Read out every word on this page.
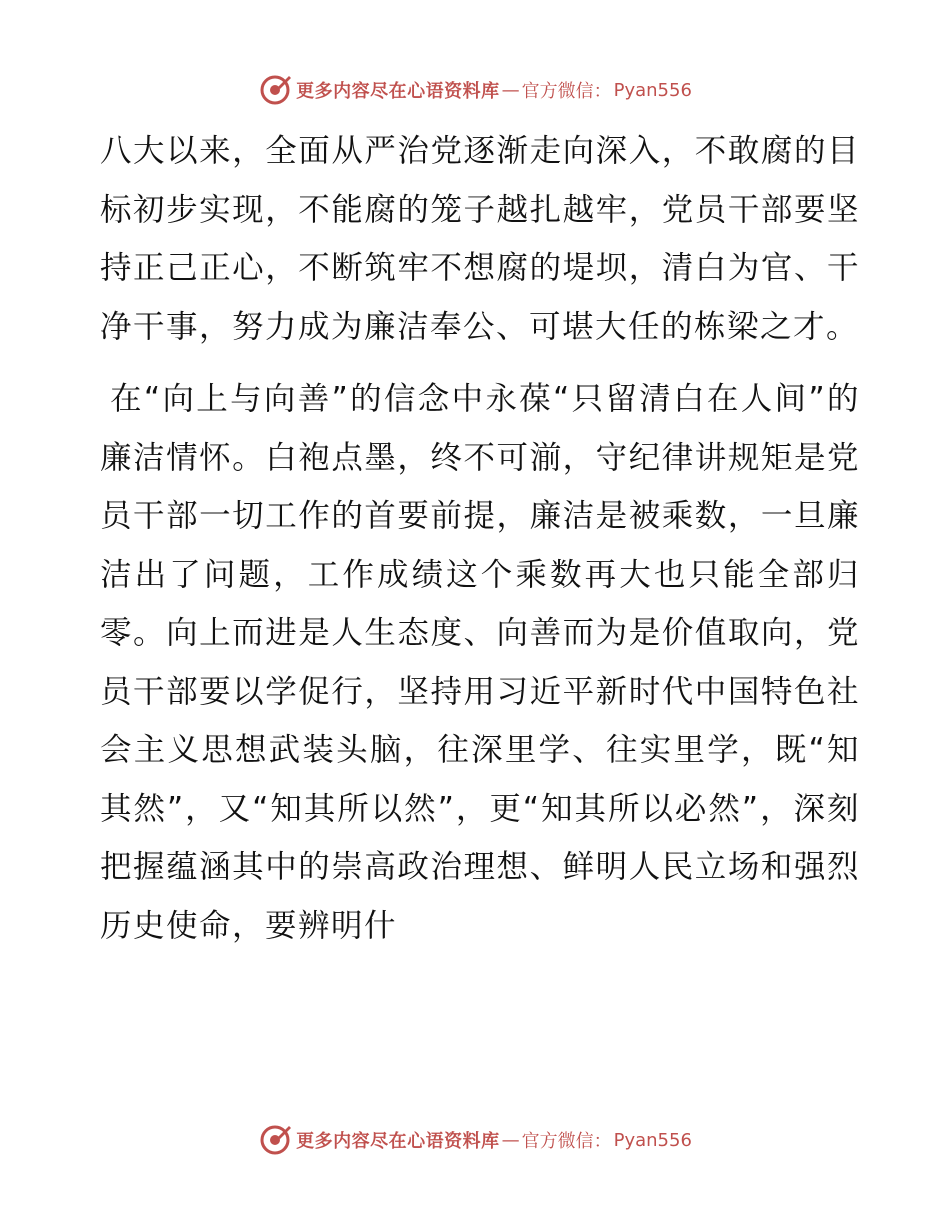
更多内容尽在心语资料库 — 官方微信： Pyan556

八大以来，全面从严治党逐渐走向深入，不敢腐的目标初步实现，不能腐的笼子越扎越牢，党员干部要坚持正己正心，不断筑牢不想腐的堤坝，清白为官、干净干事，努力成为廉洁奉公、可堪大任的栋梁之才。

在“向上与向善”的信念中永葆“只留清白在人间”的廉洁情怀。白袍点墨，终不可湔，守纪律讲规矩是党员干部一切工作的首要前提，廉洁是被乘数，一旦廉洁出了问题，工作成绩这个乘数再大也只能全部归零。向上而进是人生态度、向善而为是价值取向，党员干部要以学促行，坚持用习近平新时代中国特色社会主义思想武装头脑，往深里学、往实里学，既“知其然”，又“知其所以然”，更“知其所以必然”，深刻把握蕴涵其中的崇高政治理想、鲜明人民立场和强烈历史使命，要辨明什

更多内容尽在心语资料库 — 官方微信： Pyan556
